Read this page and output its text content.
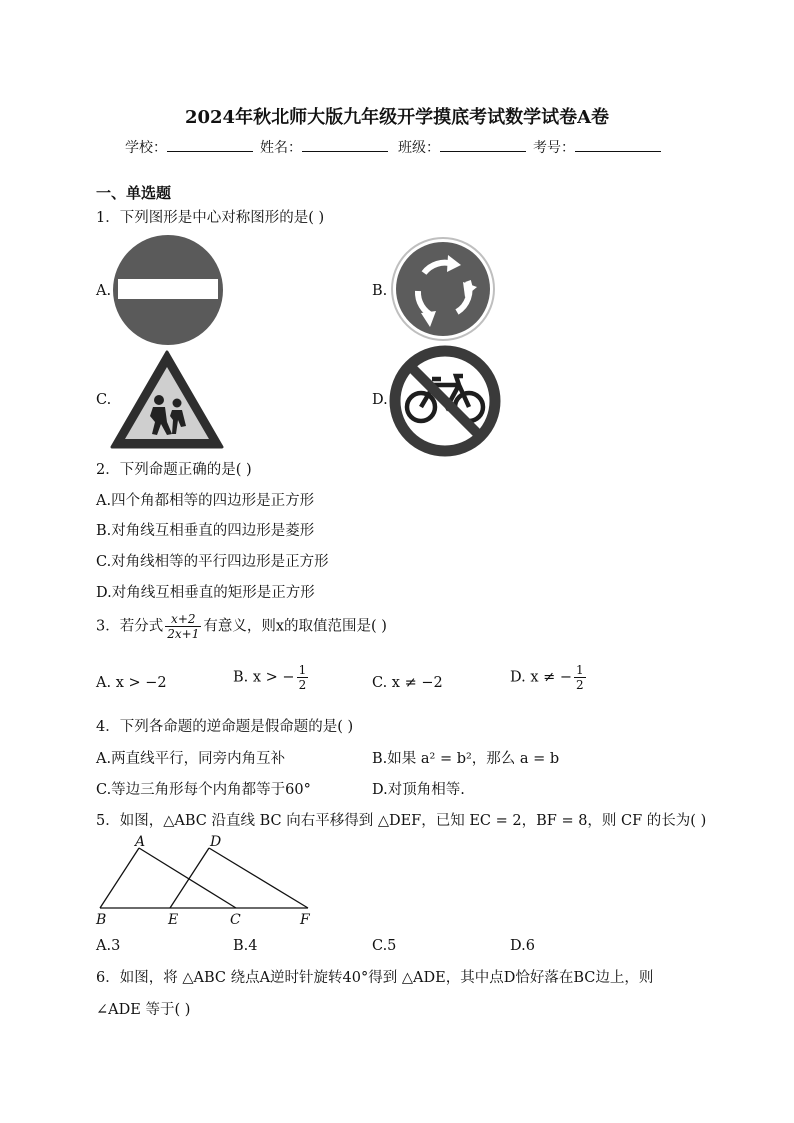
2024年秋北师大版九年级开学摸底考试数学试卷A卷
学校：	姓名：	班级：	考号：
一、单选题
1．下列图形是中心对称图形的是( )
A.	B.
C.	D.
2．下列命题正确的是( )
A.四个角都相等的四边形是正方形
B.对角线互相垂直的四边形是菱形
C.对角线相等的平行四边形是正方形
D.对角线互相垂直的矩形是正方形
3．若分式 $\frac{x+2}{2x+1}$ 有意义，则x的取值范围是( )
A. x > −2	B. x > − $\frac{1}{2}$	C. x ≠ −2	D. x ≠ − $\frac{1}{2}$
4．下列各命题的逆命题是假命题的是( )
A.两直线平行，同旁内角互补	B.如果 a² = b²，那么 a = b
C.等边三角形每个内角都等于60°	D.对顶角相等.
5．如图，△ABC 沿直线 BC 向右平移得到 △DEF，已知 EC = 2，BF = 8，则 CF 的长为( )
A	D
B	E	C	F
A.3	B.4	C.5	D.6
6．如图，将 △ABC 绕点A逆时针旋转40°得到 △ADE，其中点D恰好落在BC边上，则
∠ADE 等于( )
